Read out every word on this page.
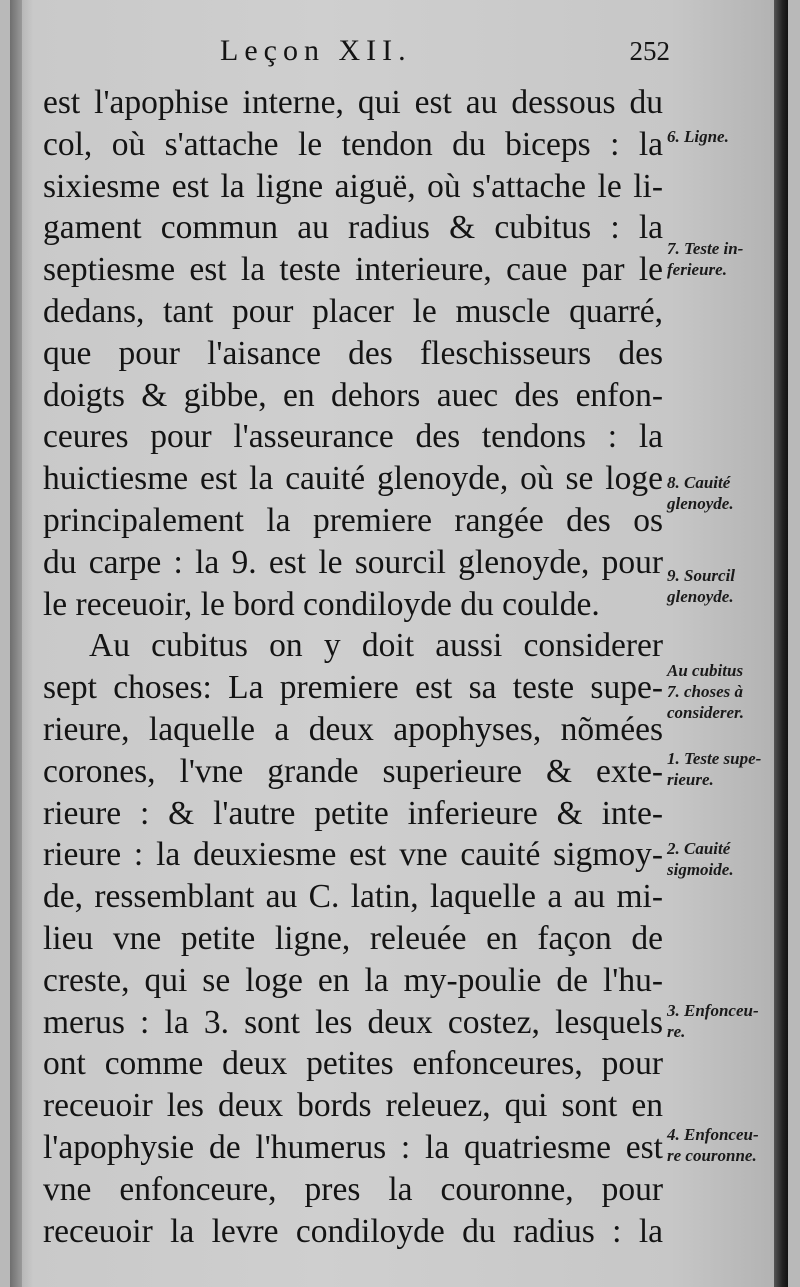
Leçon XII.	252
est l'apophise interne, qui est au dessous du
col, où s'attache le tendon du biceps : la
sixiesme est la ligne aiguë, où s'attache le li-
gament commun au radius & cubitus : la
septiesme est la teste interieure, caue par le
dedans, tant pour placer le muscle quarré,
que pour l'aisance des fleschisseurs des
doigts & gibbe, en dehors auec des enfon-
ceures pour l'asseurance des tendons : la
huictiesme est la cauité glenoyde, où se loge
principalement la premiere rangée des os
du carpe : la 9. est le sourcil glenoyde, pour
le receuoir, le bord condiloyde du coulde.
Au cubitus on y doit aussi considerer
sept choses: La premiere est sa teste supe-
rieure, laquelle a deux apophyses, nõmées
corones, l'vne grande superieure & exte-
rieure : & l'autre petite inferieure & inte-
rieure : la deuxiesme est vne cauité sigmoy-
de, ressemblant au C. latin, laquelle a au mi-
lieu vne petite ligne, releuée en façon de
creste, qui se loge en la my-poulie de l'hu-
merus : la 3. sont les deux costez, lesquels
ont comme deux petites enfonceures, pour
receuoir les deux bords releuez, qui sont en
l'apophysie de l'humerus : la quatriesme est
vne enfonceure, pres la couronne, pour
receuoir la levre condiloyde du radius : la
6. Ligne.
7. Teste in-
ferieure.
8. Cauité
glenoyde.
9. Sourcil
glenoyde.
Au cubitus
7. choses à
considerer.
1. Teste supe-
rieure.
2. Cauité
sigmoide.
3. Enfonceu-
re.
4. Enfonceu-
re couronne.
